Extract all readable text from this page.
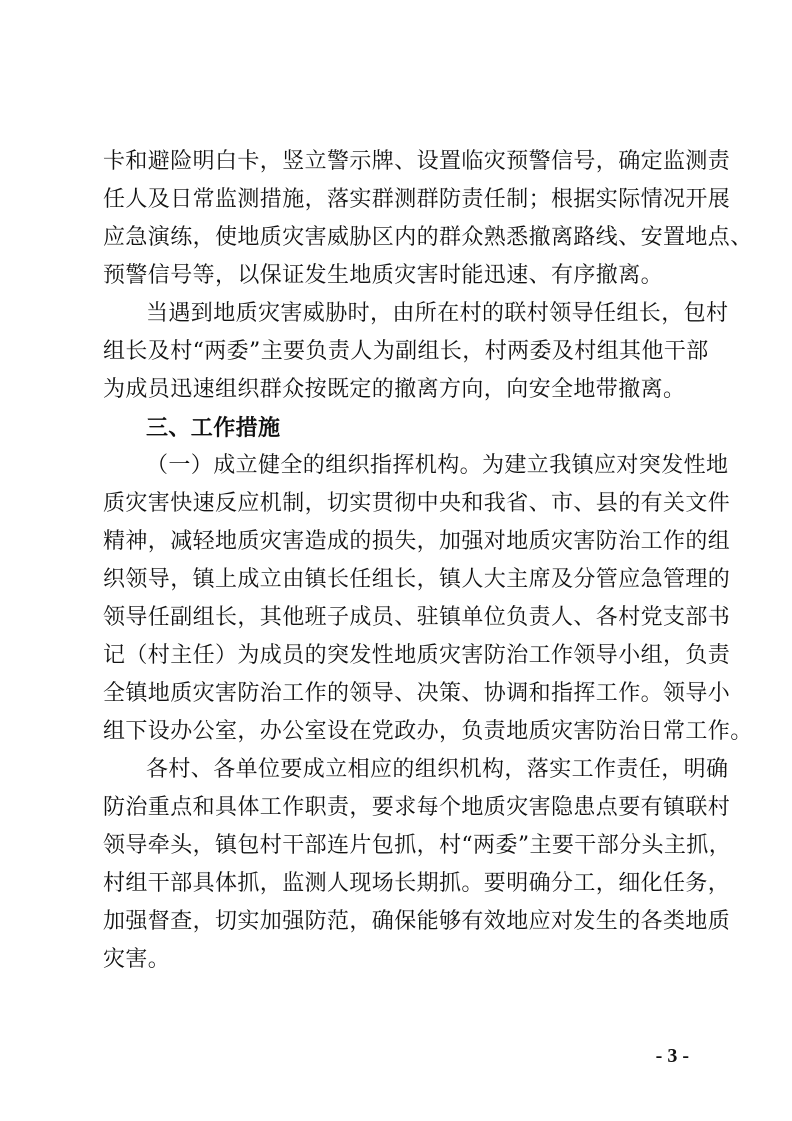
卡和避险明白卡，竖立警示牌、设置临灾预警信号，确定监测责
任人及日常监测措施，落实群测群防责任制；根据实际情况开展
应急演练，使地质灾害威胁区内的群众熟悉撤离路线、安置地点、
预警信号等，以保证发生地质灾害时能迅速、有序撤离。
当遇到地质灾害威胁时，由所在村的联村领导任组长，包村
组长及村“两委”主要负责人为副组长，村两委及村组其他干部
为成员迅速组织群众按既定的撤离方向，向安全地带撤离。
三、工作措施
（一）成立健全的组织指挥机构。为建立我镇应对突发性地
质灾害快速反应机制，切实贯彻中央和我省、市、县的有关文件
精神，减轻地质灾害造成的损失，加强对地质灾害防治工作的组
织领导，镇上成立由镇长任组长，镇人大主席及分管应急管理的
领导任副组长，其他班子成员、驻镇单位负责人、各村党支部书
记（村主任）为成员的突发性地质灾害防治工作领导小组，负责
全镇地质灾害防治工作的领导、决策、协调和指挥工作。领导小
组下设办公室，办公室设在党政办，负责地质灾害防治日常工作。
各村、各单位要成立相应的组织机构，落实工作责任，明确
防治重点和具体工作职责，要求每个地质灾害隐患点要有镇联村
领导牵头，镇包村干部连片包抓，村“两委”主要干部分头主抓，
村组干部具体抓，监测人现场长期抓。要明确分工，细化任务，
加强督查，切实加强防范，确保能够有效地应对发生的各类地质
灾害。
- 3 -
